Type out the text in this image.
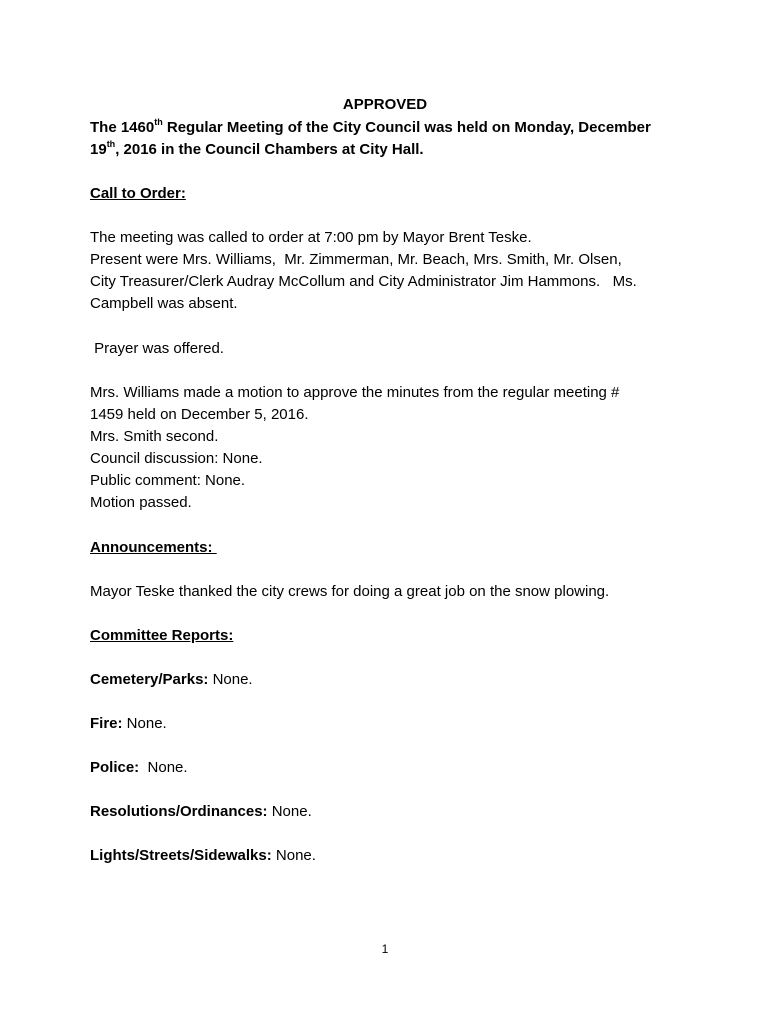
APPROVED
The 1460th Regular Meeting of the City Council was held on Monday, December
19th, 2016 in the Council Chambers at City Hall.
Call to Order:
The meeting was called to order at 7:00 pm by Mayor Brent Teske.
Present were Mrs. Williams,  Mr. Zimmerman, Mr. Beach, Mrs. Smith, Mr. Olsen,
City Treasurer/Clerk Audray McCollum and City Administrator Jim Hammons.   Ms.
Campbell was absent.
Prayer was offered.
Mrs. Williams made a motion to approve the minutes from the regular meeting #
1459 held on December 5, 2016.
Mrs. Smith second.
Council discussion: None.
Public comment: None.
Motion passed.
Announcements:
Mayor Teske thanked the city crews for doing a great job on the snow plowing.
Committee Reports:
Cemetery/Parks: None.
Fire: None.
Police:  None.
Resolutions/Ordinances: None.
Lights/Streets/Sidewalks: None.
1
